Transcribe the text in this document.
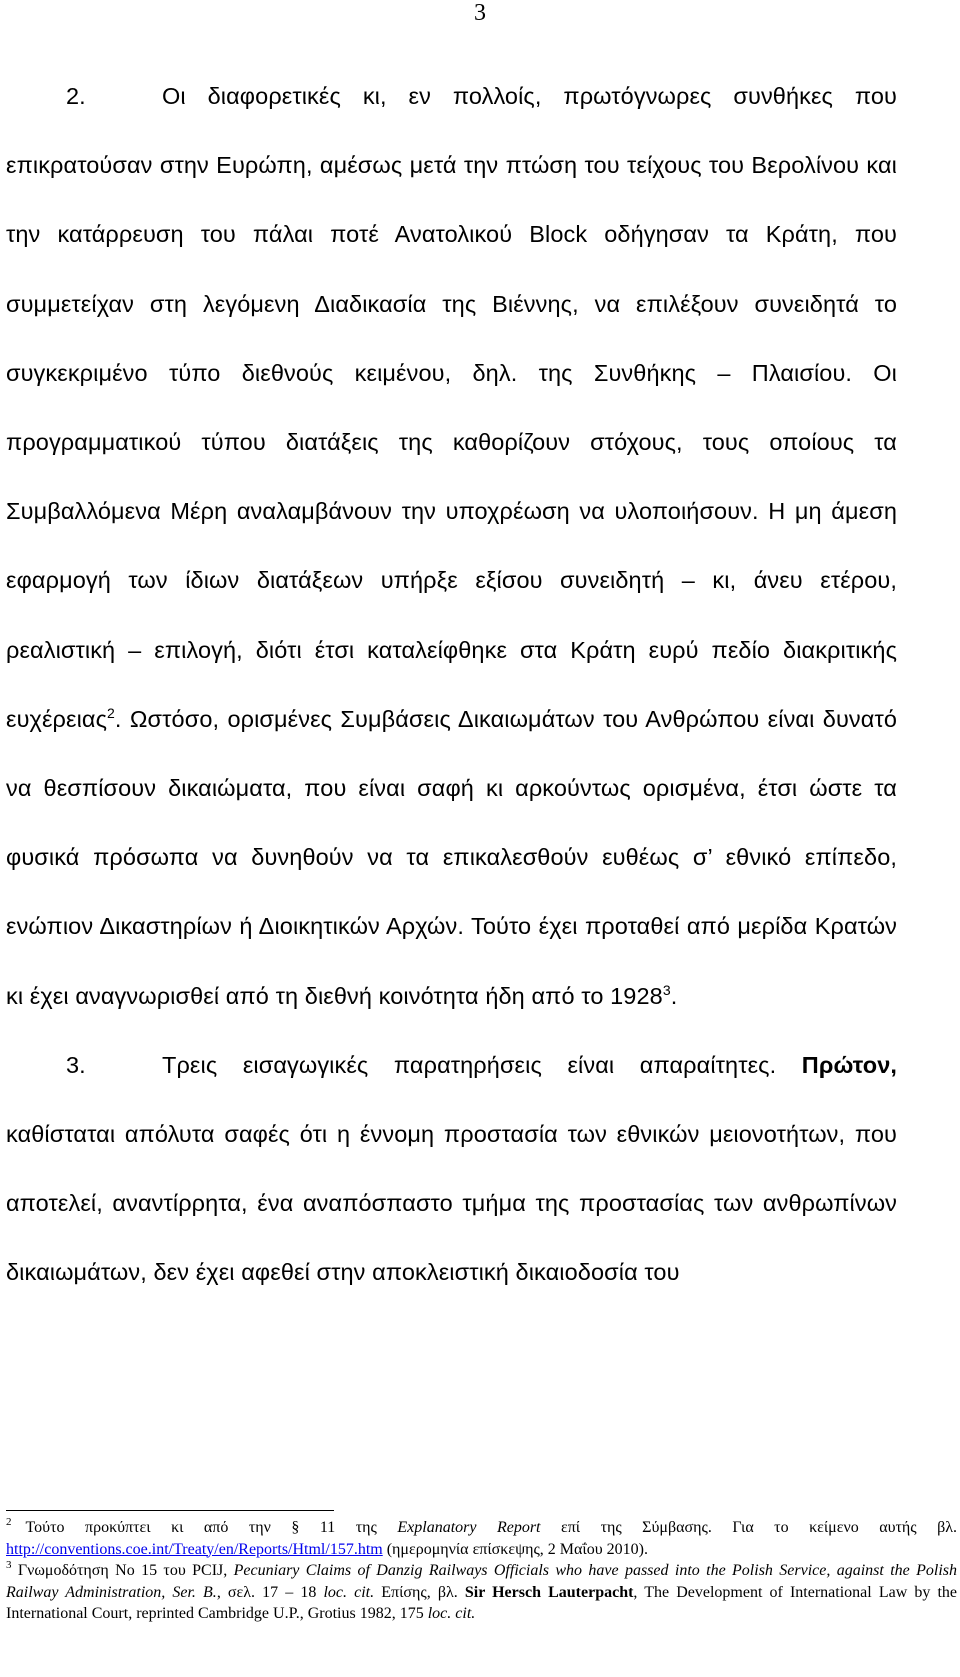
3

2.	Οι διαφορετικές κι, εν πολλοίς, πρωτόγνωρες συνθήκες που επικρατούσαν στην Ευρώπη, αμέσως μετά την πτώση του τείχους του Βερολίνου και την κατάρρευση του πάλαι ποτέ Ανατολικού Block οδήγησαν τα Κράτη, που συμμετείχαν στη λεγόμενη Διαδικασία της Βιέννης, να επιλέξουν συνειδητά το συγκεκριμένο τύπο διεθνούς κειμένου, δηλ. της Συνθήκης – Πλαισίου. Οι προγραμματικού τύπου διατάξεις της καθορίζουν στόχους, τους οποίους τα Συμβαλλόμενα Μέρη αναλαμβάνουν την υποχρέωση να υλοποιήσουν. Η μη άμεση εφαρμογή των ίδιων διατάξεων υπήρξε εξίσου συνειδητή – κι, άνευ ετέρου, ρεαλιστική – επιλογή, διότι έτσι καταλείφθηκε στα Κράτη ευρύ πεδίο διακριτικής ευχέρειας$^2$. Ωστόσο, ορισμένες Συμβάσεις Δικαιωμάτων του Ανθρώπου είναι δυνατό να θεσπίσουν δικαιώματα, που είναι σαφή κι αρκούντως ορισμένα, έτσι ώστε τα φυσικά πρόσωπα να δυνηθούν να τα επικαλεσθούν ευθέως σ’ εθνικό επίπεδο, ενώπιον Δικαστηρίων ή Διοικητικών Αρχών. Τούτο έχει προταθεί από μερίδα Κρατών κι έχει αναγνωρισθεί από τη διεθνή κοινότητα ήδη από το 1928$^3$.

3.	Τρεις εισαγωγικές παρατηρήσεις είναι απαραίτητες. Πρώτον, καθίσταται απόλυτα σαφές ότι η έννομη προστασία των εθνικών μειονοτήτων, που αποτελεί, αναντίρρητα, ένα αναπόσπαστο τμήμα της προστασίας των ανθρωπίνων δικαιωμάτων, δεν έχει αφεθεί στην αποκλειστική δικαιοδοσία του

$^2$ Τούτο προκύπτει κι από την § 11 της Explanatory Report επί της Σύμβασης. Για το κείμενο αυτής βλ. http://conventions.coe.int/Treaty/en/Reports/Html/157.htm (ημερομηνία επίσκεψης, 2 Μαΐου 2010).

$^3$ Γνωμοδότηση No 15 του PCIJ, Pecuniary Claims of Danzig Railways Officials who have passed into the Polish Service, against the Polish Railway Administration, Ser. B., σελ. 17 – 18 loc. cit. Επίσης, βλ. Sir Hersch Lauterpacht, The Development of International Law by the International Court, reprinted Cambridge U.P., Grotius 1982, 175 loc. cit.
